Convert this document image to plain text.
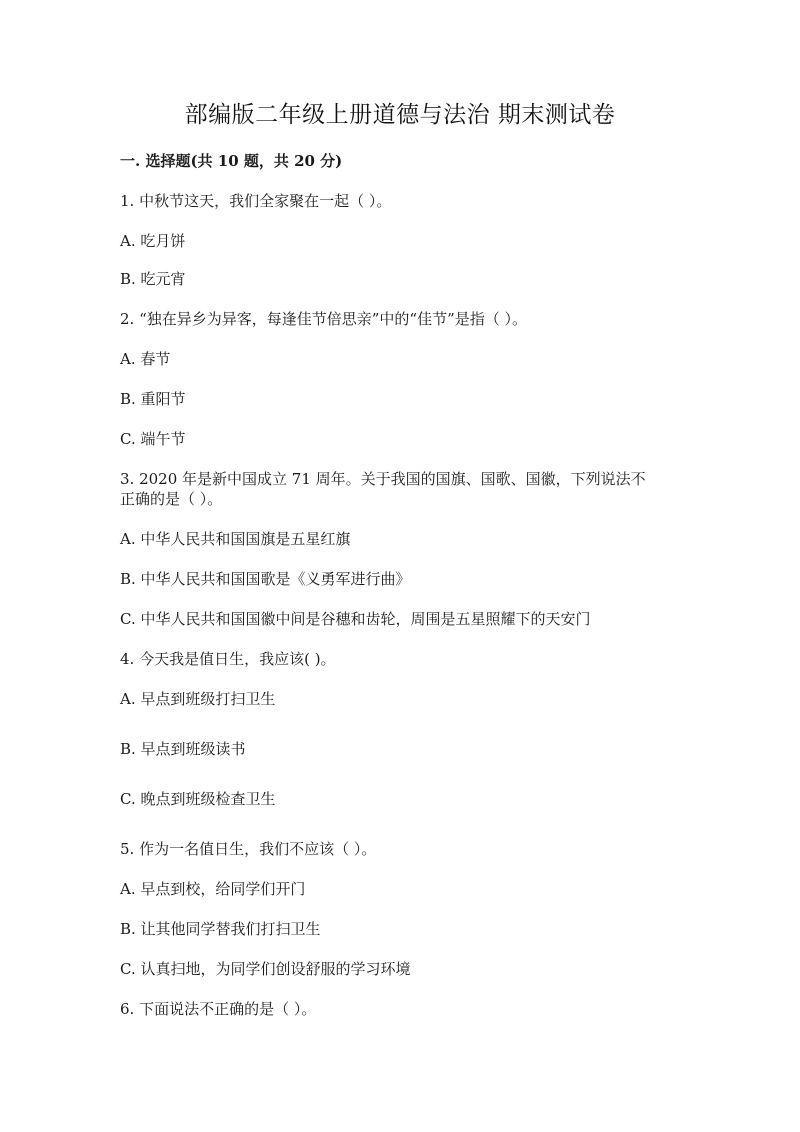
部编版二年级上册道德与法治 期末测试卷
一. 选择题(共 10 题，共 20 分)
1. 中秋节这天，我们全家聚在一起（ ）。
A. 吃月饼
B. 吃元宵
2. “独在异乡为异客，每逢佳节倍思亲”中的“佳节”是指（ ）。
A. 春节
B. 重阳节
C. 端午节
3. 2020 年是新中国成立 71 周年。关于我国的国旗、国歌、国徽，下列说法不
正确的是（ ）。
A. 中华人民共和国国旗是五星红旗
B. 中华人民共和国国歌是《义勇军进行曲》
C. 中华人民共和国国徽中间是谷穗和齿轮，周围是五星照耀下的天安门
4. 今天我是值日生，我应该( )。
A. 早点到班级打扫卫生
B. 早点到班级读书
C. 晚点到班级检查卫生
5. 作为一名值日生，我们不应该（ ）。
A. 早点到校，给同学们开门
B. 让其他同学替我们打扫卫生
C. 认真扫地，为同学们创设舒服的学习环境
6. 下面说法不正确的是（ ）。
